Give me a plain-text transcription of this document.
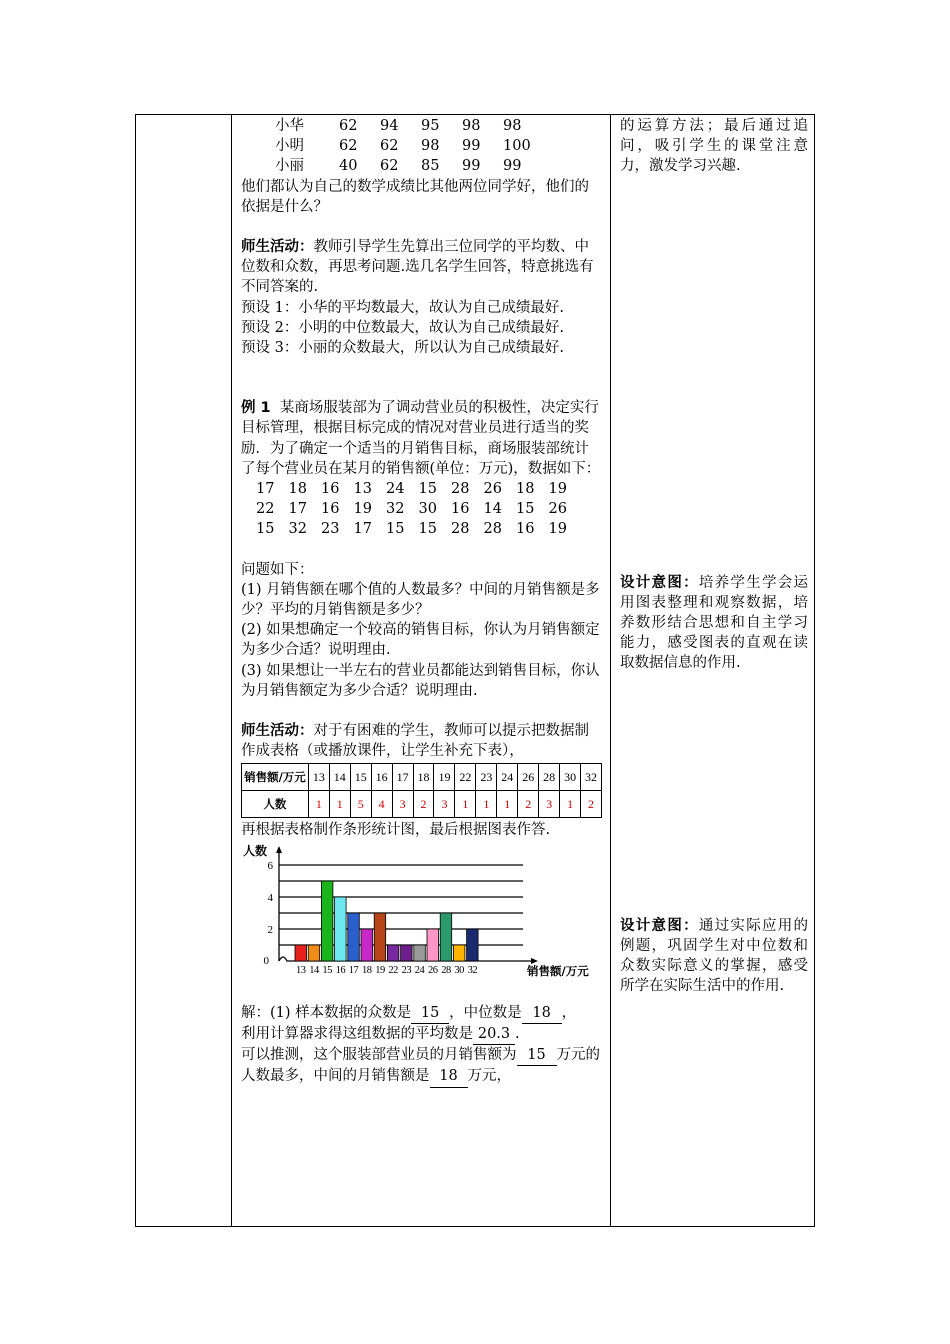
小华	62	94	95	98	98
小明	62	62	98	99	100
小丽	40	62	85	99	99

他们都认为自己的数学成绩比其他两位同学好，他们的依据是什么？

师生活动：教师引导学生先算出三位同学的平均数、中位数和众数，再思考问题.选几名学生回答，特意挑选有不同答案的.

预设 1：小华的平均数最大，故认为自己成绩最好.

预设 2：小明的中位数最大，故认为自己成绩最好.

预设 3：小丽的众数最大，所以认为自己成绩最好.

例 1 某商场服装部为了调动营业员的积极性，决定实行目标管理，根据目标完成的情况对营业员进行适当的奖励．为了确定一个适当的月销售目标，商场服装部统计了每个营业员在某月的销售额(单位：万元)，数据如下：

17 18 16 13 24 15 28 26 18 19
22 17 16 19 32 30 16 14 15 26
15 32 23 17 15 15 28 28 16 19

问题如下：

(1) 月销售额在哪个值的人数最多？中间的月销售额是多少？平均的月销售额是多少？

(2) 如果想确定一个较高的销售目标，你认为月销售额定为多少合适？说明理由.

(3) 如果想让一半左右的营业员都能达到销售目标，你认为月销售额定为多少合适？说明理由.

师生活动：对于有困难的学生，教师可以提示把数据制作成表格（或播放课件，让学生补充下表），

销售额/万元	13	14	15	16	17	18	19	22	23	24	26	28	30	32
人数	1	1	5	4	3	2	3	1	1	1	2	3	1	2

再根据表格制作条形统计图，最后根据图表作答.

0
2
4
6
人数
13 14 15 16 17 18 19 22 23 24 26 28 30 32	销售额/万元

解：(1) 样本数据的众数是 15 ，中位数是 18 ，

利用计算器求得这组数据的平均数是 20.3 .

可以推测，这个服装部营业员的月销售额为 15 万元的人数最多，中间的月销售额是 18 万元，

的运算方法；最后通过追问，吸引学生的课堂注意力，激发学习兴趣.

设计意图：培养学生学会运用图表整理和观察数据，培养数形结合思想和自主学习能力，感受图表的直观在读取数据信息的作用.

设计意图：通过实际应用的例题，巩固学生对中位数和众数实际意义的掌握，感受所学在实际生活中的作用.
